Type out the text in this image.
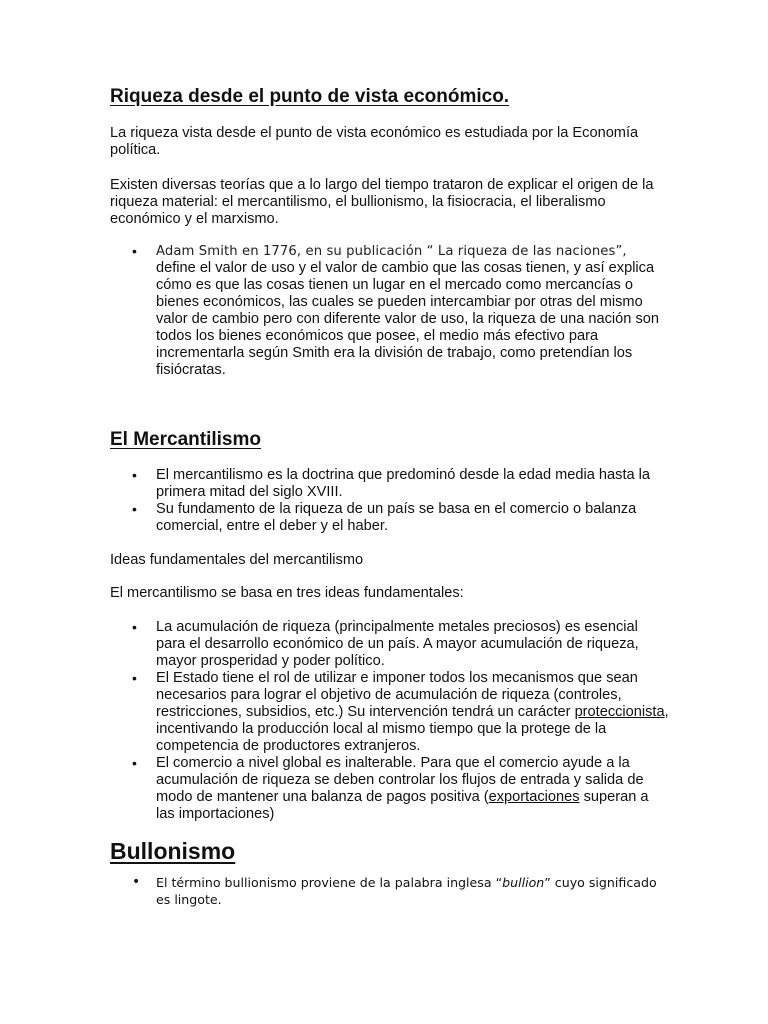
Riqueza desde el punto de vista económico.

La riqueza vista desde el punto de vista económico es estudiada por la Economía política.

Existen diversas teorías que a lo largo del tiempo trataron de explicar el origen de la riqueza material: el mercantilismo, el bullionismo, la fisiocracia, el liberalismo económico y el marxismo.

• Adam Smith en 1776, en su publicación “ La riqueza de las naciones”, define el valor de uso y el valor de cambio que las cosas tienen, y así explica cómo es que las cosas tienen un lugar en el mercado como mercancías o bienes económicos, las cuales se pueden intercambiar por otras del mismo valor de cambio pero con diferente valor de uso, la riqueza de una nación son todos los bienes económicos que posee, el medio más efectivo para incrementarla según Smith era la división de trabajo, como pretendían los fisiócratas.
El Mercantilismo
• El mercantilismo es la doctrina que predominó desde la edad media hasta la primera mitad del siglo XVIII.
• Su fundamento de la riqueza de un país se basa en el comercio o balanza comercial, entre el deber y el haber.

Ideas fundamentales del mercantilismo

El mercantilismo se basa en tres ideas fundamentales:

• La acumulación de riqueza (principalmente metales preciosos) es esencial para el desarrollo económico de un país. A mayor acumulación de riqueza, mayor prosperidad y poder político.
• El Estado tiene el rol de utilizar e imponer todos los mecanismos que sean necesarios para lograr el objetivo de acumulación de riqueza (controles, restricciones, subsidios, etc.) Su intervención tendrá un carácter proteccionista, incentivando la producción local al mismo tiempo que la protege de la competencia de productores extranjeros.
• El comercio a nivel global es inalterable. Para que el comercio ayude a la acumulación de riqueza se deben controlar los flujos de entrada y salida de modo de mantener una balanza de pagos positiva (exportaciones superan a las importaciones)
Bullonismo
• El término bullionismo proviene de la palabra inglesa “bullion” cuyo significado es lingote.
